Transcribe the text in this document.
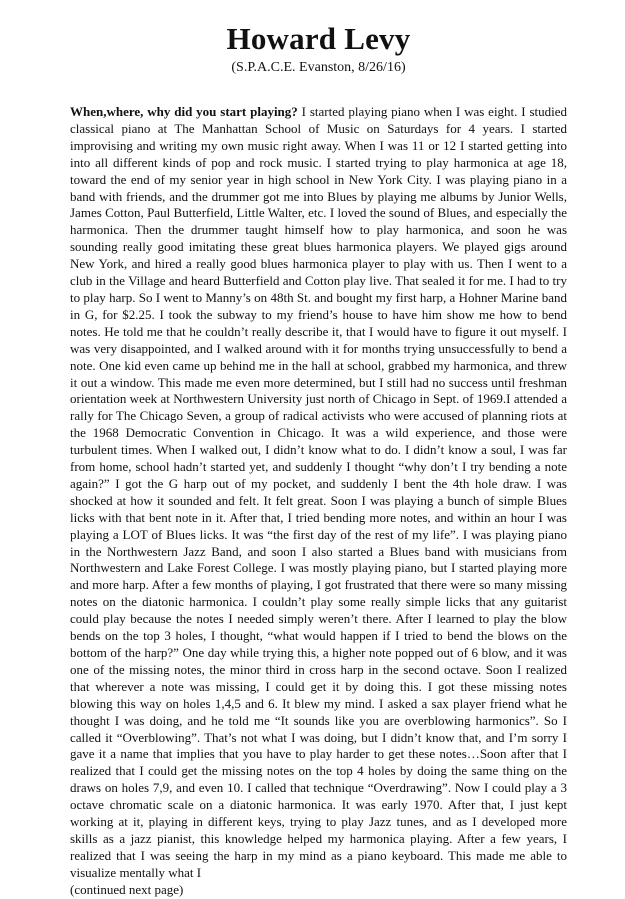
Howard Levy
(S.P.A.C.E. Evanston, 8/26/16)

When,where, why did you start playing? I started playing piano when I was eight. I studied classical piano at The Manhattan School of Music on Saturdays for 4 years. I started improvising and writing my own music right away. When I was 11 or 12 I started getting into into all different kinds of pop and rock music. I started trying to play harmonica at age 18, toward the end of my senior year in high school in New York City. I was playing piano in a band with friends, and the drummer got me into Blues by playing me albums by Junior Wells, James Cotton, Paul Butterfield, Little Walter, etc. I loved the sound of Blues, and especially the harmonica. Then the drummer taught himself how to play harmonica, and soon he was sounding really good imitating these great blues harmonica players. We played gigs around New York, and hired a really good blues harmonica player to play with us. Then I went to a club in the Village and heard Butterfield and Cotton play live. That sealed it for me. I had to try to play harp. So I went to Manny’s on 48th St. and bought my first harp, a Hohner Marine band in G, for $2.25. I took the subway to my friend’s house to have him show me how to bend notes. He told me that he couldn’t really describe it, that I would have to figure it out myself. I was very disappointed, and I walked around with it for months trying unsuccessfully to bend a note. One kid even came up behind me in the hall at school, grabbed my harmonica, and threw it out a window. This made me even more determined, but I still had no success until freshman orientation week at Northwestern University just north of Chicago in Sept. of 1969.I attended a rally for The Chicago Seven, a group of radical activists who were accused of planning riots at the 1968 Democratic Convention in Chicago. It was a wild experience, and those were turbulent times. When I walked out, I didn’t know what to do. I didn’t know a soul, I was far from home, school hadn’t started yet, and suddenly I thought “why don’t I try bending a note again?” I got the G harp out of my pocket, and suddenly I bent the 4th hole draw. I was shocked at how it sounded and felt. It felt great. Soon I was playing a bunch of simple Blues licks with that bent note in it. After that, I tried bending more notes, and within an hour I was playing a LOT of Blues licks. It was “the first day of the rest of my life”. I was playing piano in the Northwestern Jazz Band, and soon I also started a Blues band with musicians from Northwestern and Lake Forest College. I was mostly playing piano, but I started playing more and more harp. After a few months of playing, I got frustrated that there were so many missing notes on the diatonic harmonica. I couldn’t play some really simple licks that any guitarist could play because the notes I needed simply weren’t there. After I learned to play the blow bends on the top 3 holes, I thought, “what would happen if I tried to bend the blows on the bottom of the harp?” One day while trying this, a higher note popped out of 6 blow, and it was one of the missing notes, the minor third in cross harp in the second octave. Soon I realized that wherever a note was missing, I could get it by doing this. I got these missing notes blowing this way on holes 1,4,5 and 6. It blew my mind. I asked a sax player friend what he thought I was doing, and he told me “It sounds like you are overblowing harmonics”. So I called it “Overblowing”. That’s not what I was doing, but I didn’t know that, and I’m sorry I gave it a name that implies that you have to play harder to get these notes…Soon after that I realized that I could get the missing notes on the top 4 holes by doing the same thing on the draws on holes 7,9, and even 10. I called that technique “Overdrawing”. Now I could play a 3 octave chromatic scale on a diatonic harmonica. It was early 1970. After that, I just kept working at it, playing in different keys, trying to play Jazz tunes, and as I developed more skills as a jazz pianist, this knowledge helped my harmonica playing. After a few years, I realized that I was seeing the harp in my mind as a piano keyboard. This made me able to visualize mentally what I
(continued next page)
